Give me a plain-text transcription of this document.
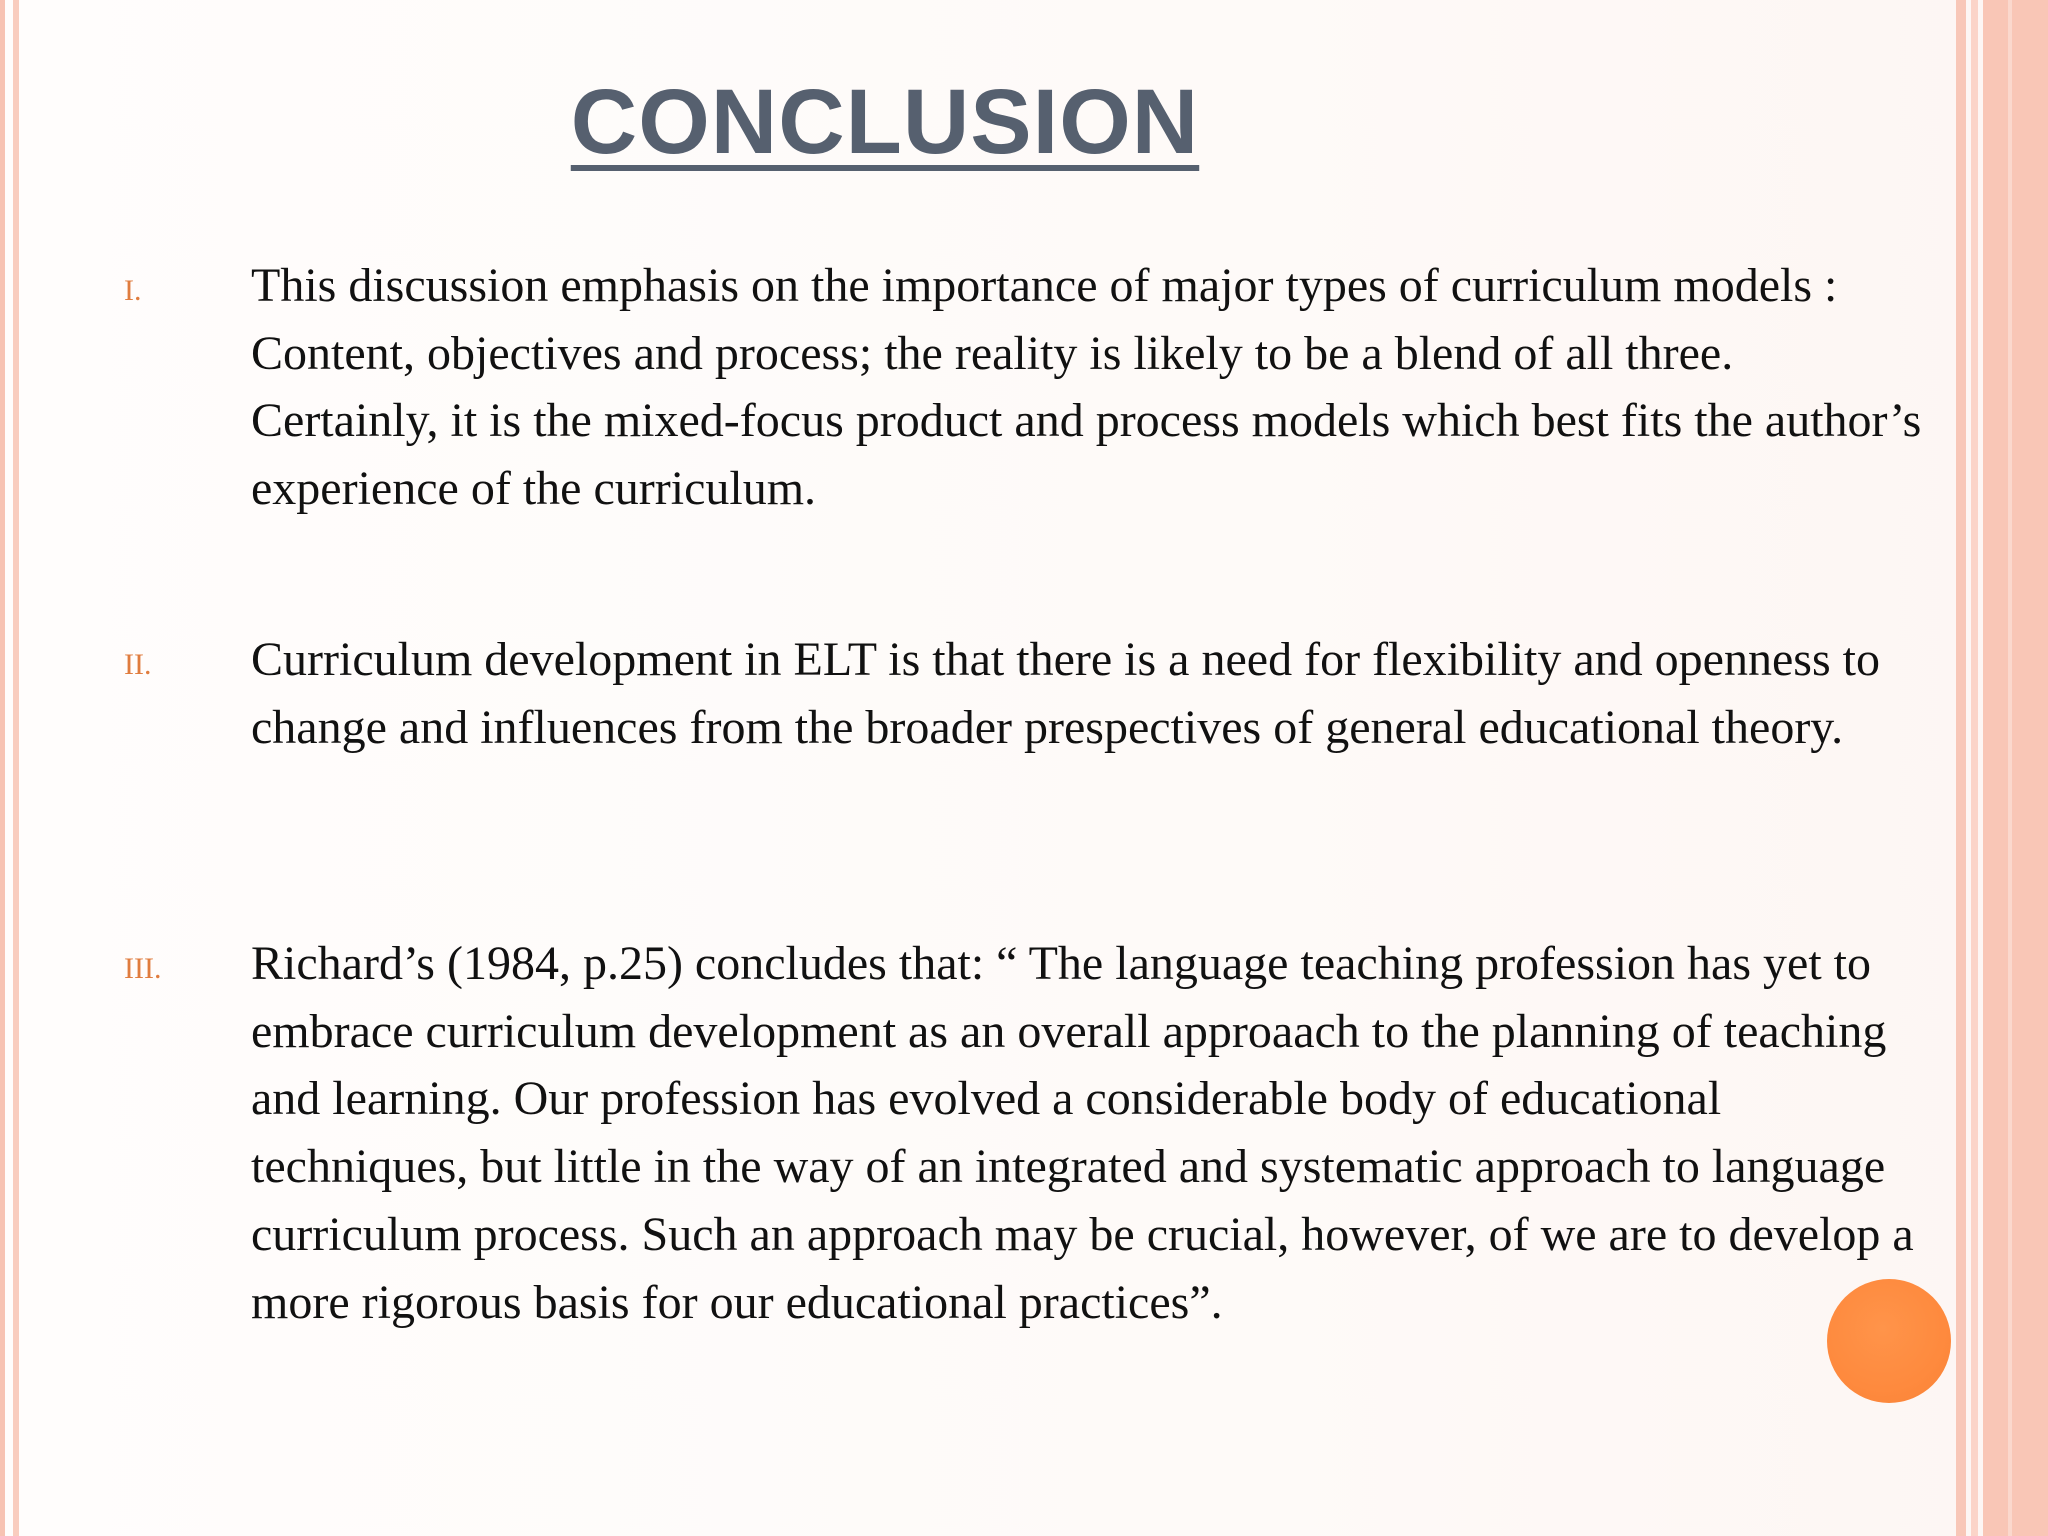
CONCLUSION
I. This discussion emphasis on the importance of major types of curriculum models : Content, objectives and process; the reality is likely to be a blend of all three. Certainly, it is the mixed-focus product and process models which best fits the author’s experience of the curriculum.
II. Curriculum development in ELT is that there is a need for flexibility and openness to change and influences from the broader prespectives of general educational theory.
III. Richard’s (1984, p.25) concludes that: “ The language teaching profession has yet to embrace curriculum development as an overall approaach to the planning of teaching and learning. Our profession has evolved a considerable body of educational techniques, but little in the way of an integrated and systematic approach to language curriculum process. Such an approach may be crucial, however, of we are to develop a more rigorous basis for our educational practices”.
